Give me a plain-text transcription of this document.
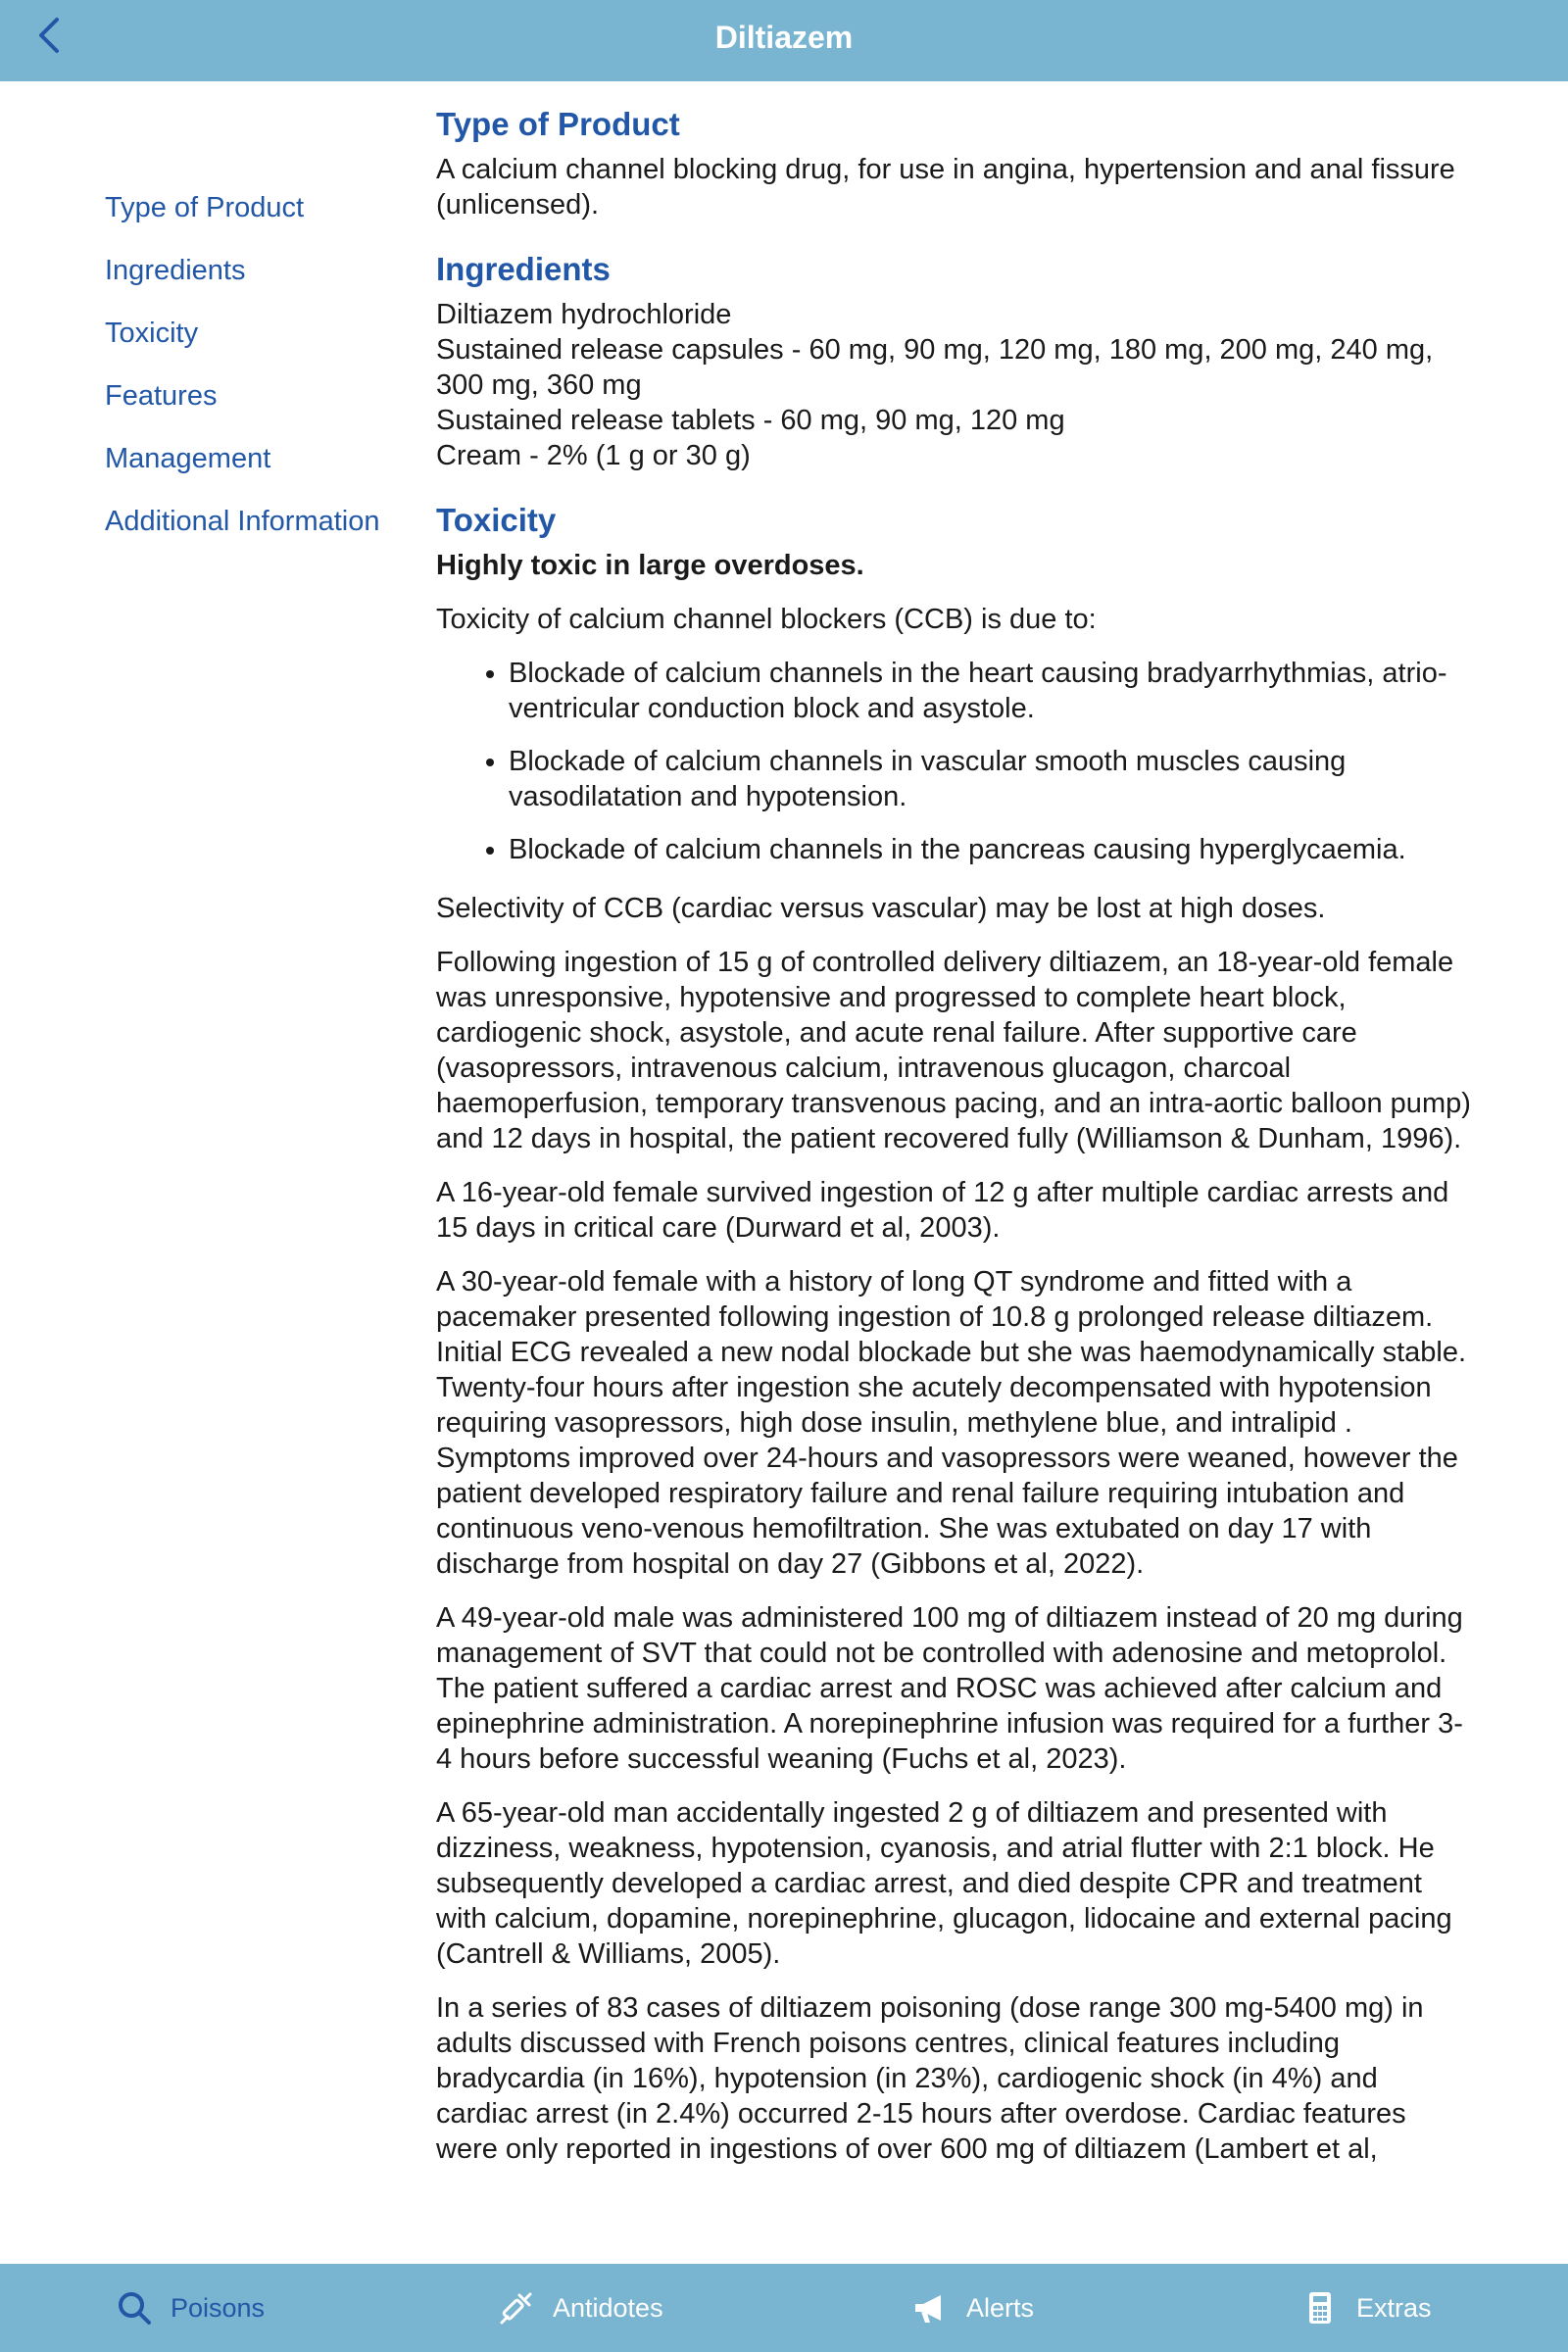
Diltiazem
Type of Product
Ingredients
Toxicity
Features
Management
Additional Information
Type of Product

A calcium channel blocking drug, for use in angina, hypertension and anal fissure (unlicensed).

Ingredients

Diltiazem hydrochloride

Sustained release capsules - 60 mg, 90 mg, 120 mg, 180 mg, 200 mg, 240 mg, 300 mg, 360 mg

Sustained release tablets - 60 mg, 90 mg, 120 mg

Cream - 2% (1 g or 30 g)

Toxicity

Highly toxic in large overdoses.

Toxicity of calcium channel blockers (CCB) is due to:

• Blockade of calcium channels in the heart causing bradyarrhythmias, atrio-ventricular conduction block and asystole.
• Blockade of calcium channels in vascular smooth muscles causing vasodilatation and hypotension.
• Blockade of calcium channels in the pancreas causing hyperglycaemia.

Selectivity of CCB (cardiac versus vascular) may be lost at high doses.

Following ingestion of 15 g of controlled delivery diltiazem, an 18-year-old female was unresponsive, hypotensive and progressed to complete heart block, cardiogenic shock, asystole, and acute renal failure. After supportive care (vasopressors, intravenous calcium, intravenous glucagon, charcoal haemoperfusion, temporary transvenous pacing, and an intra-aortic balloon pump) and 12 days in hospital, the patient recovered fully (Williamson & Dunham, 1996).

A 16-year-old female survived ingestion of 12 g after multiple cardiac arrests and 15 days in critical care (Durward et al, 2003).

A 30-year-old female with a history of long QT syndrome and fitted with a pacemaker presented following ingestion of 10.8 g prolonged release diltiazem. Initial ECG revealed a new nodal blockade but she was haemodynamically stable. Twenty-four hours after ingestion she acutely decompensated with hypotension requiring vasopressors, high dose insulin, methylene blue, and intralipid . Symptoms improved over 24-hours and vasopressors were weaned, however the patient developed respiratory failure and renal failure requiring intubation and continuous veno-venous hemofiltration. She was extubated on day 17 with discharge from hospital on day 27 (Gibbons et al, 2022).

A 49-year-old male was administered 100 mg of diltiazem instead of 20 mg during management of SVT that could not be controlled with adenosine and metoprolol. The patient suffered a cardiac arrest and ROSC was achieved after calcium and epinephrine administration. A norepinephrine infusion was required for a further 3-4 hours before successful weaning (Fuchs et al, 2023).

A 65-year-old man accidentally ingested 2 g of diltiazem and presented with dizziness, weakness, hypotension, cyanosis, and atrial flutter with 2:1 block. He subsequently developed a cardiac arrest, and died despite CPR and treatment with calcium, dopamine, norepinephrine, glucagon, lidocaine and external pacing (Cantrell & Williams, 2005).

In a series of 83 cases of diltiazem poisoning (dose range 300 mg-5400 mg) in adults discussed with French poisons centres, clinical features including bradycardia (in 16%), hypotension (in 23%), cardiogenic shock (in 4%) and cardiac arrest (in 2.4%) occurred 2-15 hours after overdose. Cardiac features were only reported in ingestions of over 600 mg of diltiazem (Lambert et al,

Poisons	Antidotes	Alerts	Extras
